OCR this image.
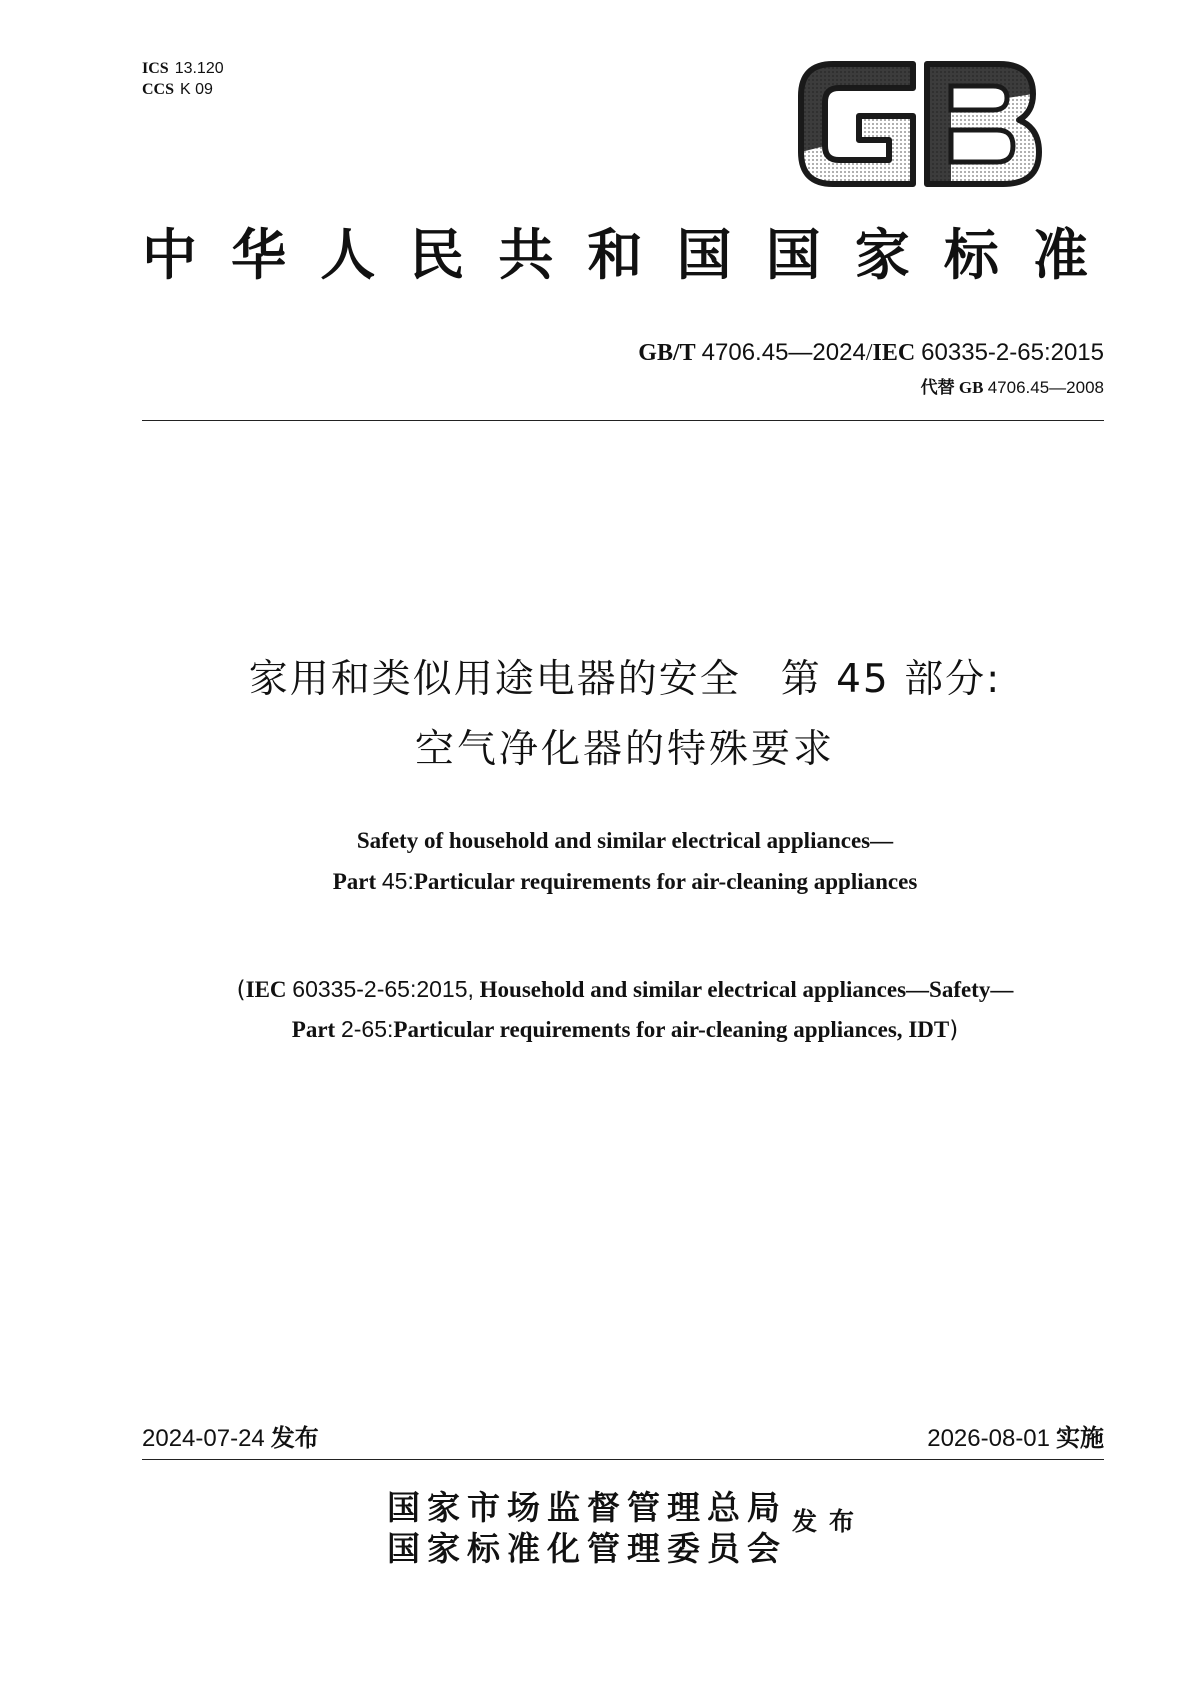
ICS 13.120
CCS K 09
中华人民共和国国家标准
GB/T 4706.45—2024/IEC 60335-2-65:2015
代替 GB 4706.45—2008
家用和类似用途电器的安全 第 45 部分:
空气净化器的特殊要求
Safety of household and similar electrical appliances—
Part 45:Particular requirements for air-cleaning appliances
(IEC 60335-2-65:2015, Household and similar electrical appliances—Safety—
Part 2-65:Particular requirements for air-cleaning appliances, IDT)
2024-07-24 发布	2026-08-01 实施
国家市场监督管理总局
国家标准化管理委员会
发布
